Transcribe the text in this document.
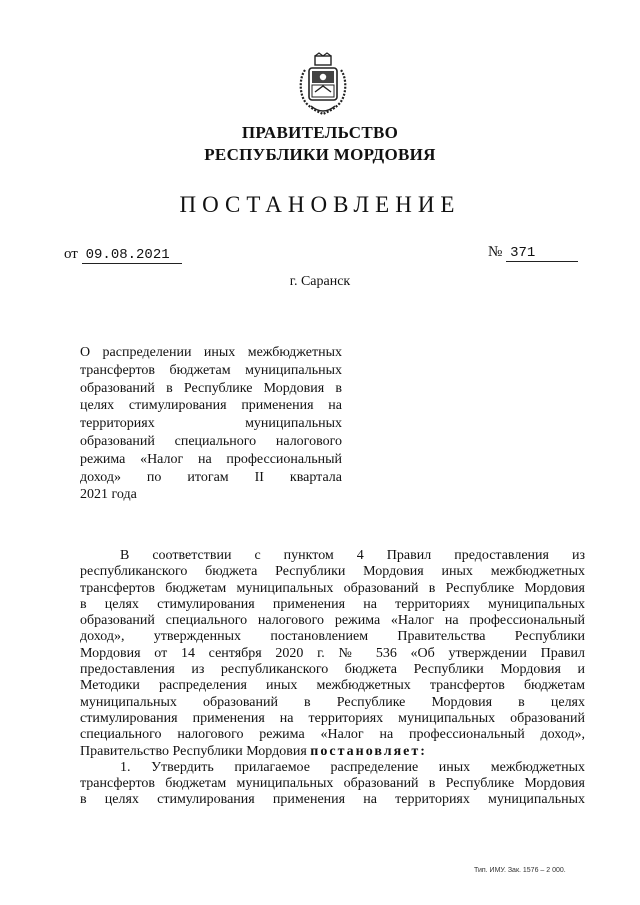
ПРАВИТЕЛЬСТВО
РЕСПУБЛИКИ МОРДОВИЯ
ПОСТАНОВЛЕНИЕ
от 09.08.2021	№ 371
г. Саранск
О распределении иных межбюджетных
трансфертов бюджетам муниципальных
образований в Республике Мордовия в
целях стимулирования применения на
территориях муниципальных
образований специального налогового
режима «Налог на профессиональный
доход» по итогам II квартала
2021 года
В соответствии с пунктом 4 Правил предоставления из
республиканского бюджета Республики Мордовия иных межбюджетных
трансфертов бюджетам муниципальных образований в Республике Мордовия
в целях стимулирования применения на территориях муниципальных
образований специального налогового режима «Налог на профессиональный
доход», утвержденных постановлением Правительства Республики
Мордовия от 14 сентября 2020 г. № 536 «Об утверждении Правил
предоставления из республиканского бюджета Республики Мордовия и
Методики распределения иных межбюджетных трансфертов бюджетам
муниципальных образований в Республике Мордовия в целях
стимулирования применения на территориях муниципальных образований
специального налогового режима «Налог на профессиональный доход»,
Правительство Республики Мордовия постановляет:
1. Утвердить прилагаемое распределение иных межбюджетных
трансфертов бюджетам муниципальных образований в Республике Мордовия
в целях стимулирования применения на территориях муниципальных
Тип. ИМУ. Зак. 1576 – 2 000.
